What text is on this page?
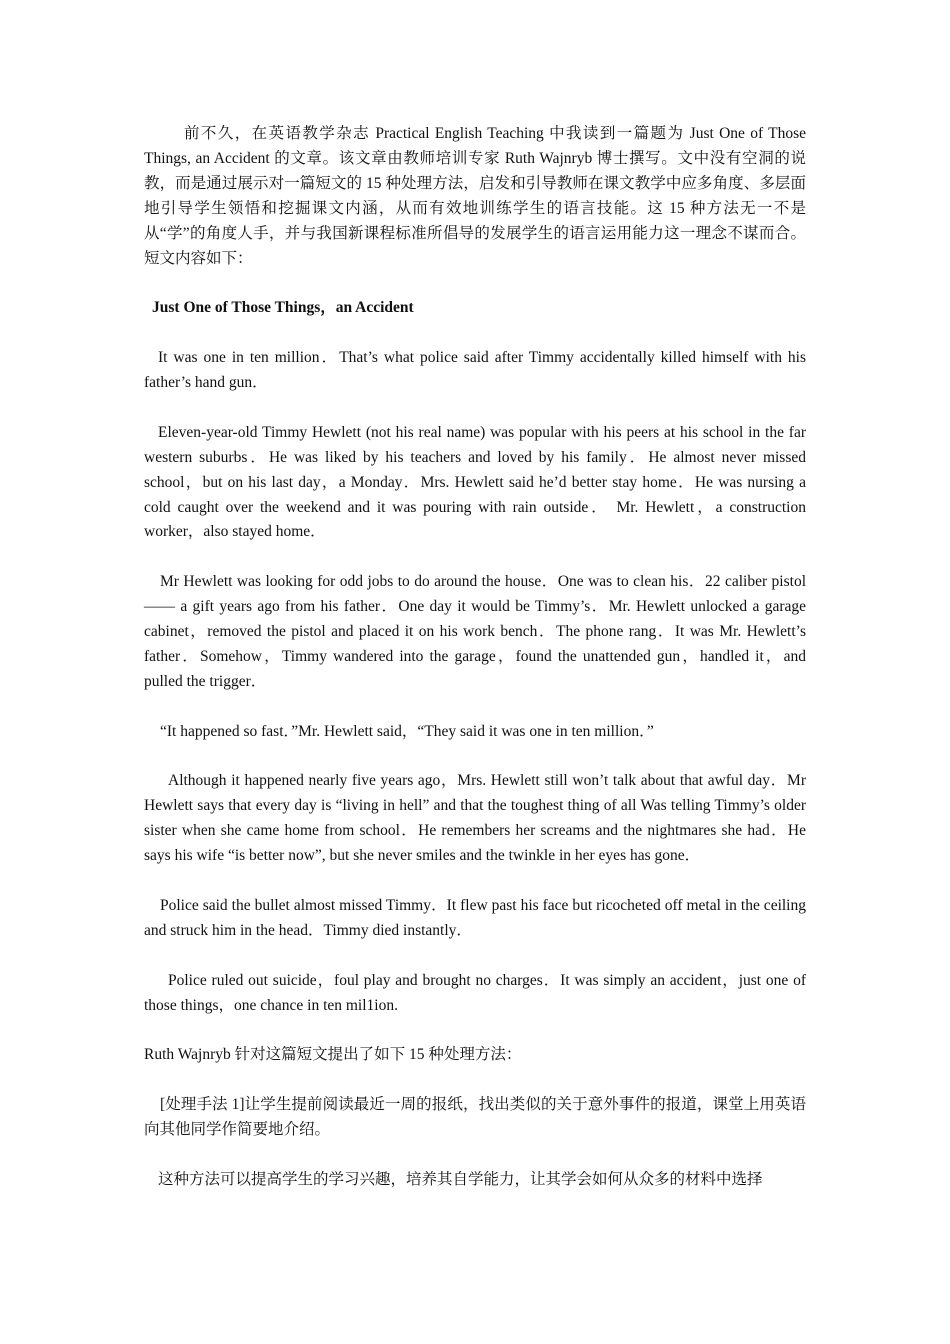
前不久，在英语教学杂志 Practical English Teaching 中我读到一篇题为 Just One of Those Things, an Accident 的文章。该文章由教师培训专家 Ruth Wajnryb 博士撰写。文中没有空洞的说教，而是通过展示对一篇短文的 15 种处理方法，启发和引导教师在课文教学中应多角度、多层面地引导学生领悟和挖掘课文内涵，从而有效地训练学生的语言技能。这 15 种方法无一不是从“学”的角度人手，并与我国新课程标准所倡导的发展学生的语言运用能力这一理念不谋而合。短文内容如下：

Just One of Those Things，an Accident

It was one in ten million．That’s what police said after Timmy accidentally killed himself with his father’s hand gun．

Eleven-year-old Timmy Hewlett (not his real name) was popular with his peers at his school in the far western suburbs．He was liked by his teachers and loved by his family．He almost never missed school，but on his last day，a Monday．Mrs. Hewlett said he’d better stay home．He was nursing a cold caught over the weekend and it was pouring with rain outside． Mr. Hewlett，a construction worker，also stayed home．

Mr Hewlett was looking for odd jobs to do around the house．One was to clean his．22 caliber pistol —— a gift years ago from his father．One day it would be Timmy’s．Mr. Hewlett unlocked a garage cabinet，removed the pistol and placed it on his work bench．The phone rang．It was Mr. Hewlett’s father．Somehow，Timmy wandered into the garage，found the unattended gun，handled it，and pulled the trigger．

“It happened so fast．”Mr. Hewlett said，“They said it was one in ten million．”

Although it happened nearly five years ago，Mrs. Hewlett still won’t talk about that awful day．Mr Hewlett says that every day is “living in hell” and that the toughest thing of all Was telling Timmy’s older sister when she came home from school．He remembers her screams and the nightmares she had．He says his wife “is better now”, but she never smiles and the twinkle in her eyes has gone．

Police said the bullet almost missed Timmy．It flew past his face but ricocheted off metal in the ceiling and struck him in the head．Timmy died instantly．

Police ruled out suicide，foul play and brought no charges．It was simply an accident，just one of those things，one chance in ten mil1ion.

Ruth Wajnryb 针对这篇短文提出了如下 15 种处理方法：

[处理手法 1]让学生提前阅读最近一周的报纸，找出类似的关于意外事件的报道，课堂上用英语向其他同学作简要地介绍。

这种方法可以提高学生的学习兴趣，培养其自学能力，让其学会如何从众多的材料中选择
